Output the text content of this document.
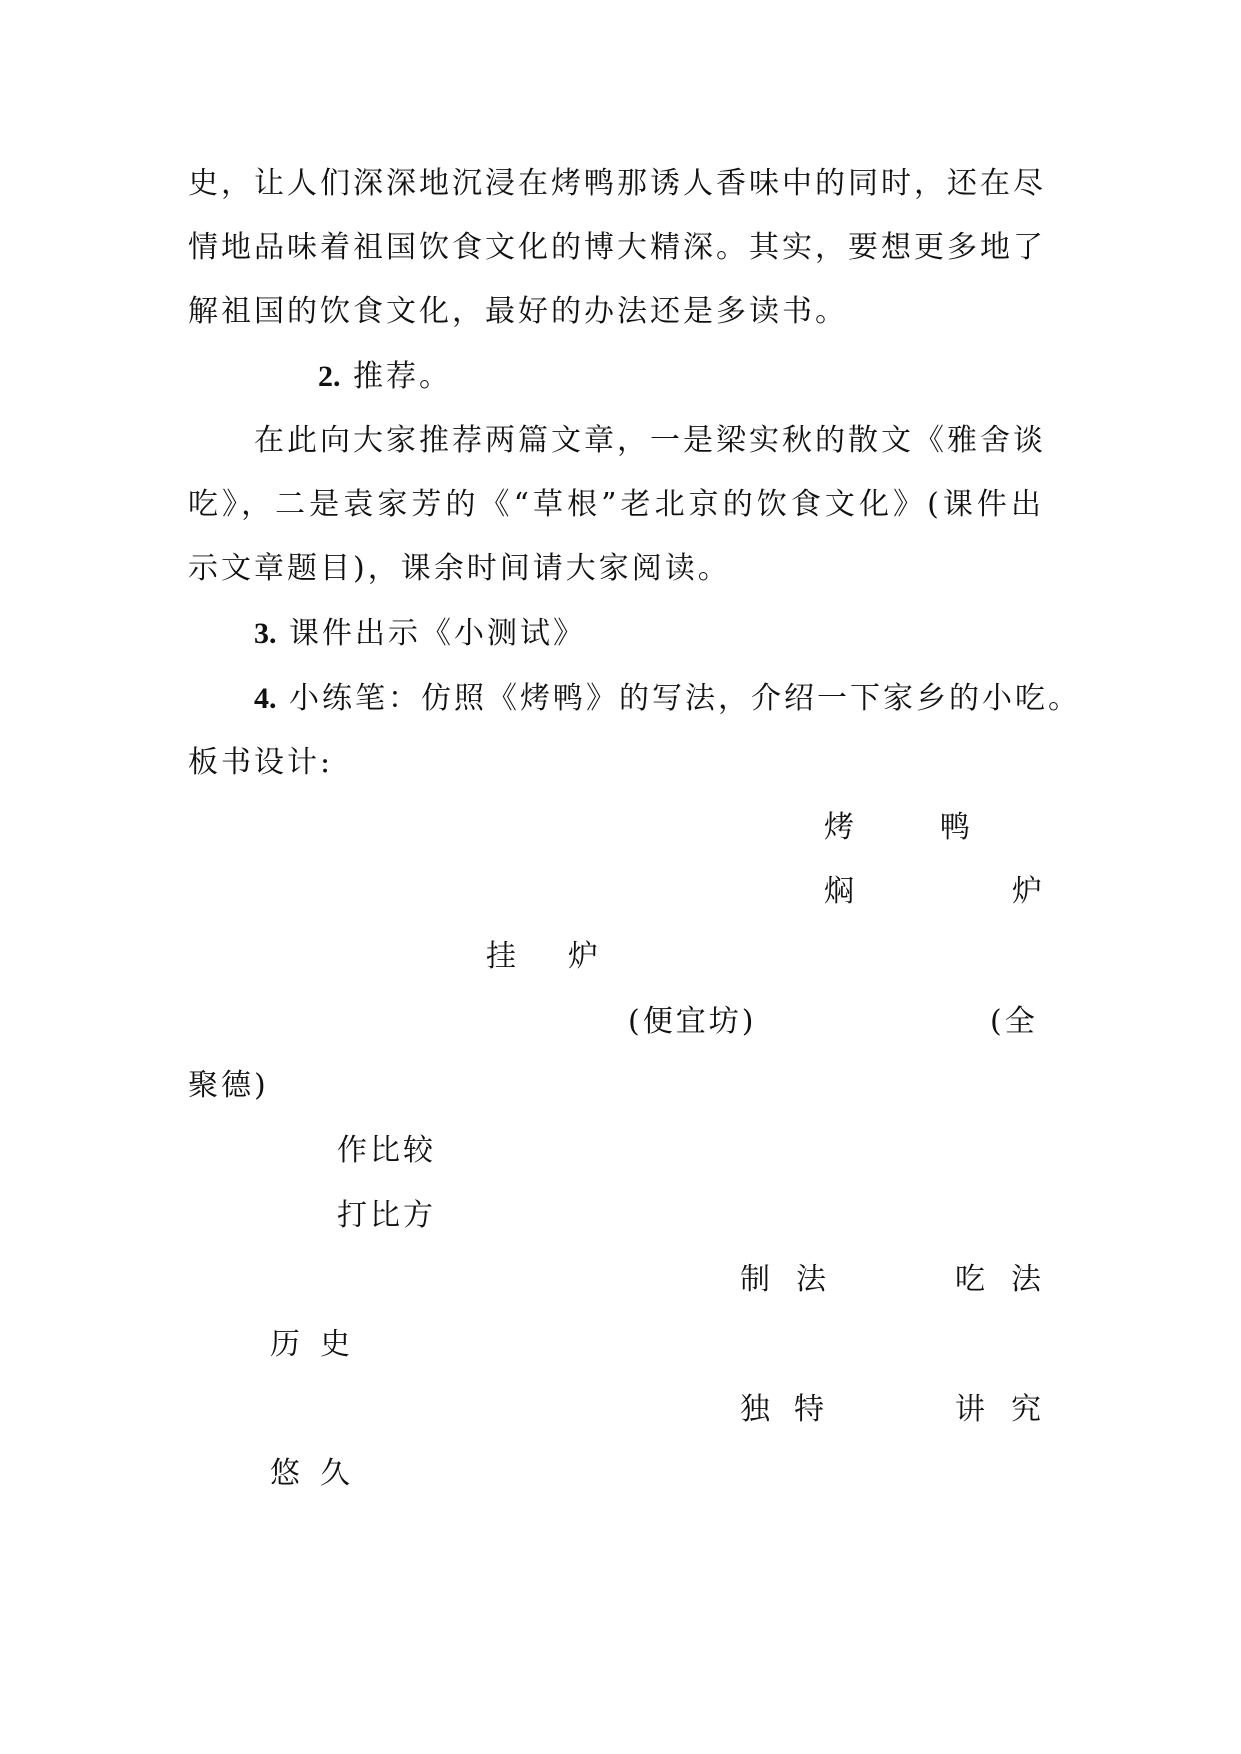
史，让人们深深地沉浸在烤鸭那诱人香味中的同时，还在尽
情地品味着祖国饮食文化的博大精深。其实，要想更多地了
解祖国的饮食文化，最好的办法还是多读书。
2. 推荐。
在此向大家推荐两篇文章，一是梁实秋的散文《雅舍谈
吃》，二是袁家芳的《“草根”老北京的饮食文化》(课件出
示文章题目)，课余时间请大家阅读。
3. 课件出示《小测试》
4. 小练笔：仿照《烤鸭》的写法，介绍一下家乡的小吃。
板书设计:
烤	鸭
焖	炉
挂 炉
(便宜坊)	(全
聚德)
作比较
打比方
制 法	吃 法
历 史
独特	讲 究
悠 久
